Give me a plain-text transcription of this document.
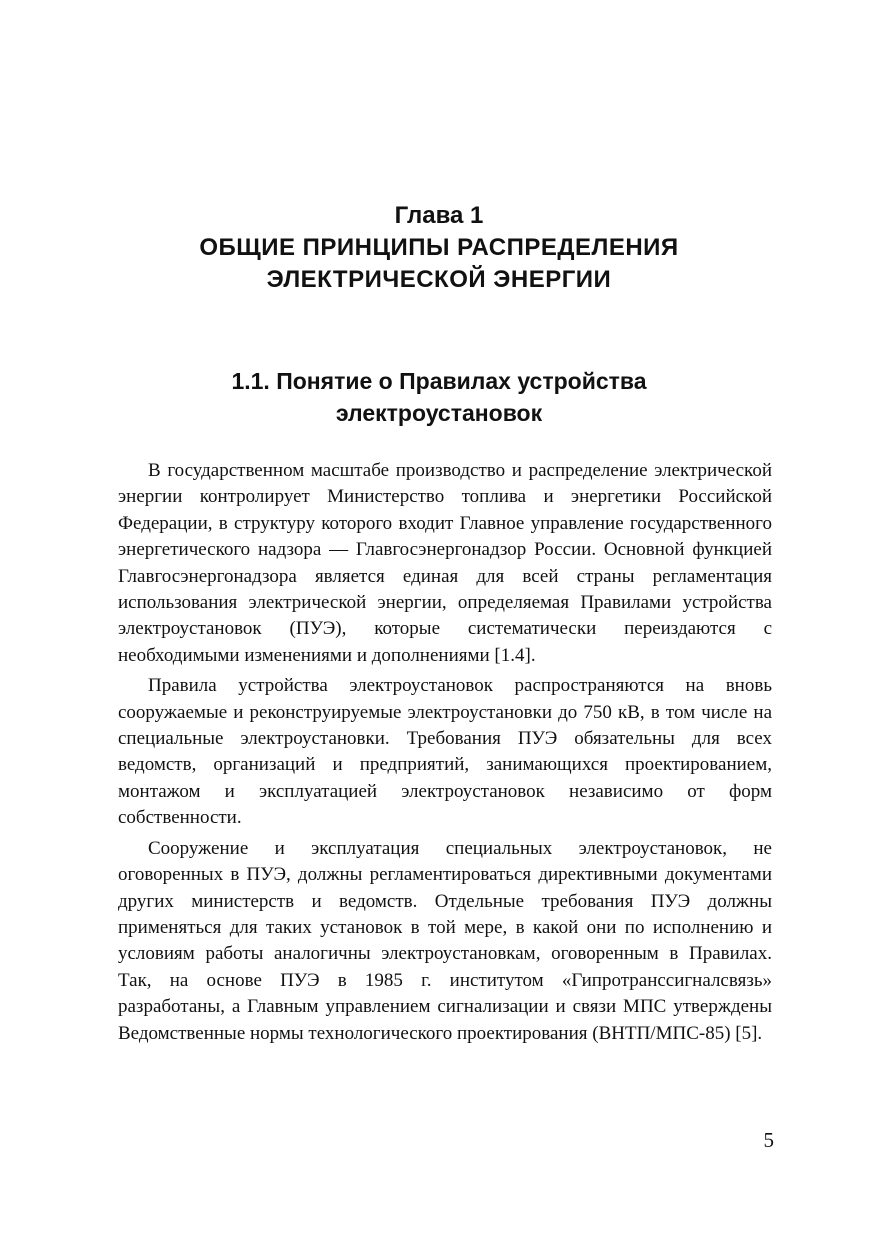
Глава 1
ОБЩИЕ ПРИНЦИПЫ РАСПРЕДЕЛЕНИЯ
ЭЛЕКТРИЧЕСКОЙ ЭНЕРГИИ
1.1. Понятие о Правилах устройства
электроустановок

В государственном масштабе производство и распределение электрической энергии контролирует Министерство топлива и энергетики Российской Федерации, в структуру которого входит Главное управление государственного энергетического надзора — Главгосэнергонадзор России. Основной функцией Главгосэнергонадзора является единая для всей страны регламентация использования электрической энергии, определяемая Правилами устройства электроустановок (ПУЭ), которые систематически переиздаются с необходимыми изменениями и дополнениями [1.4].

Правила устройства электроустановок распространяются на вновь сооружаемые и реконструируемые электроустановки до 750 кВ, в том числе на специальные электроустановки. Требования ПУЭ обязательны для всех ведомств, организаций и предприятий, занимающихся проектированием, монтажом и эксплуатацией электроустановок независимо от форм собственности.

Сооружение и эксплуатация специальных электроустановок, не оговоренных в ПУЭ, должны регламентироваться директивными документами других министерств и ведомств. Отдельные требования ПУЭ должны применяться для таких установок в той мере, в какой они по исполнению и условиям работы аналогичны электроустановкам, оговоренным в Правилах. Так, на основе ПУЭ в 1985 г. институтом «Гипротранссигналсвязь» разработаны, а Главным управлением сигнализации и связи МПС утверждены Ведомственные нормы технологического проектирования (ВНТП/МПС-85) [5].

5
